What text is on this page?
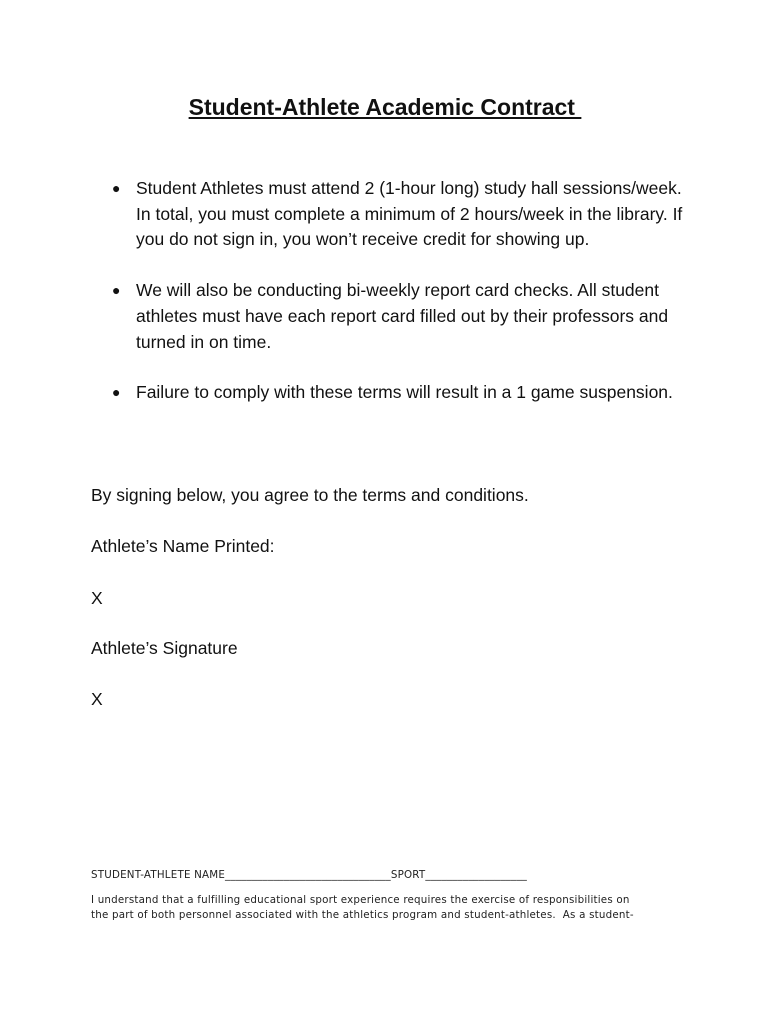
Student-Athlete Academic Contract
● Student Athletes must attend 2 (1-hour long) study hall sessions/week. In total, you must complete a minimum of 2 hours/week in the library. If you do not sign in, you won’t receive credit for showing up.
● We will also be conducting bi-weekly report card checks. All student athletes must have each report card filled out by their professors and turned in on time.
● Failure to comply with these terms will result in a 1 game suspension.
By signing below, you agree to the terms and conditions.
Athlete’s Name Printed:
X
Athlete’s Signature
X
STUDENT-ATHLETE NAME_______________________________SPORT___________________
I understand that a fulfilling educational sport experience requires the exercise of responsibilities on
the part of both personnel associated with the athletics program and student-athletes.  As a student-
